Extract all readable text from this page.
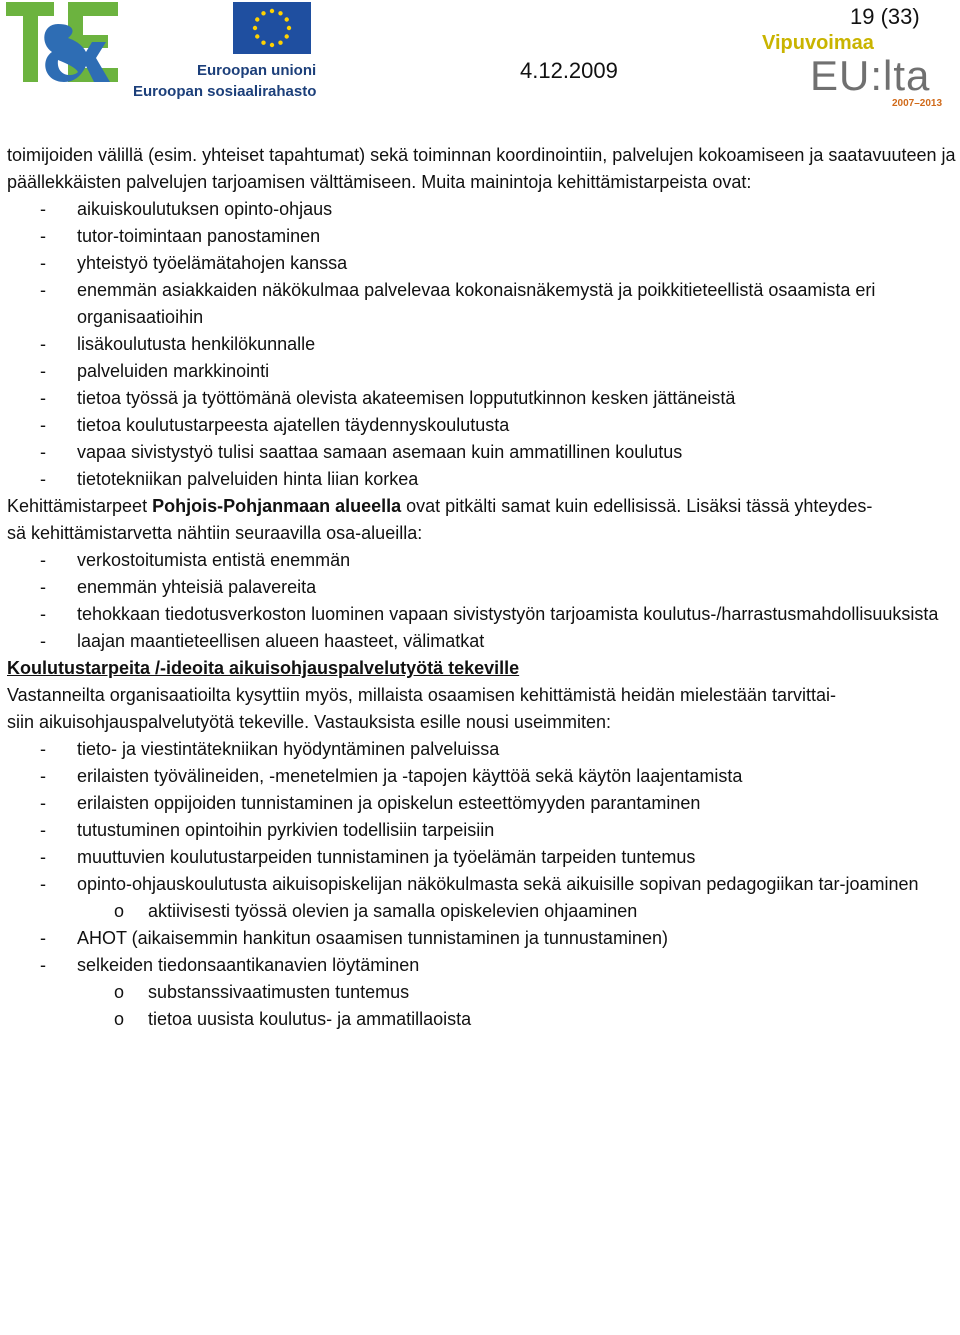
Euroopan unioni
Euroopan sosiaalirahasto
19 (33)
4.12.2009
Vipuvoimaa
EU:lta
2007–2013

toimijoiden välillä (esim. yhteiset tapahtumat) sekä toiminnan koordinointiin, palvelujen kokoamiseen ja saatavuuteen ja päällekkäisten palvelujen tarjoamisen välttämiseen. Muita mainintoja kehittämistarpeista ovat:

- aikuiskoulutuksen opinto-ohjaus
- tutor-toimintaan panostaminen
- yhteistyö työelämätahojen kanssa
- enemmän asiakkaiden näkökulmaa palvelevaa kokonaisnäkemystä ja poikkitieteellistä osaamista eri organisaatioihin
- lisäkoulutusta henkilökunnalle
- palveluiden markkinointi
- tietoa työssä ja työttömänä olevista akateemisen loppututkinnon kesken jättäneistä
- tietoa koulutustarpeesta ajatellen täydennyskoulutusta
- vapaa sivistystyö tulisi saattaa samaan asemaan kuin ammatillinen koulutus
- tietotekniikan palveluiden hinta liian korkea

Kehittämistarpeet Pohjois-Pohjanmaan alueella ovat pitkälti samat kuin edellisissä. Lisäksi tässä yhteydes-
sä kehittämistarvetta nähtiin seuraavilla osa-alueilla:

- verkostoitumista entistä enemmän
- enemmän yhteisiä palavereita
- tehokkaan tiedotusverkoston luominen vapaan sivistystyön tarjoamista koulutus-/harrastusmahdollisuuksista
- laajan maantieteellisen alueen haasteet, välimatkat

Koulutustarpeita /-ideoita aikuisohjauspalvelutyötä tekeville

Vastanneilta organisaatioilta kysyttiin myös, millaista osaamisen kehittämistä heidän mielestään tarvittai-
siin aikuisohjauspalvelutyötä tekeville. Vastauksista esille nousi useimmiten:

- tieto- ja viestintätekniikan hyödyntäminen palveluissa
- erilaisten työvälineiden, -menetelmien ja -tapojen käyttöä sekä käytön laajentamista
- erilaisten oppijoiden tunnistaminen ja opiskelun esteettömyyden parantaminen
- tutustuminen opintoihin pyrkivien todellisiin tarpeisiin
- muuttuvien koulutustarpeiden tunnistaminen ja työelämän tarpeiden tuntemus
- opinto-ohjauskoulutusta aikuisopiskelijan näkökulmasta sekä aikuisille sopivan pedagogiikan tar-joaminen
o aktiivisesti työssä olevien ja samalla opiskelevien ohjaaminen
- AHOT (aikaisemmin hankitun osaamisen tunnistaminen ja tunnustaminen)
- selkeiden tiedonsaantikanavien löytäminen
o substanssivaatimusten tuntemus
o tietoa uusista koulutus- ja ammatillaoista
